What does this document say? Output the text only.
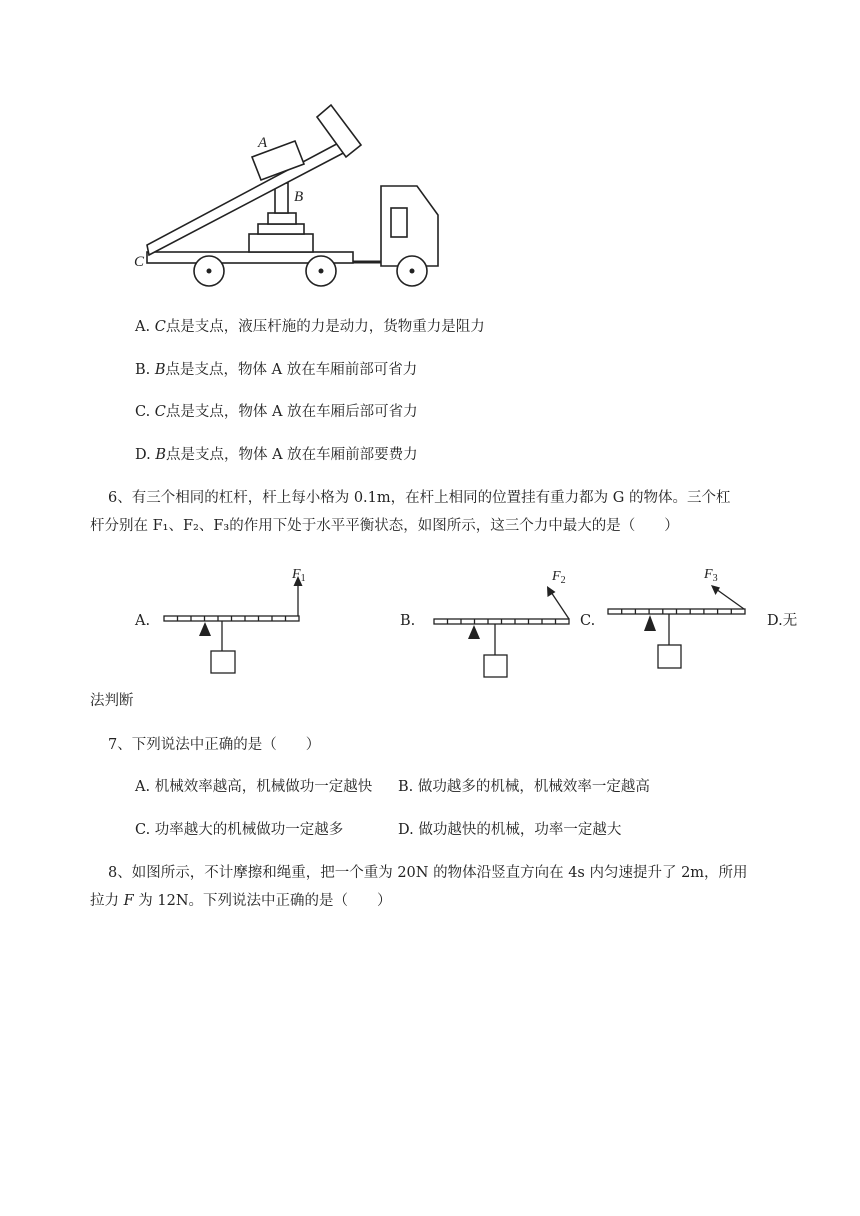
A
B
C
A. C点是支点，液压杆施的力是动力，货物重力是阻力
B. B点是支点，物体 A 放在车厢前部可省力
C. C点是支点，物体 A 放在车厢后部可省力
D. B点是支点，物体 A 放在车厢前部要费力
6、有三个相同的杠杆，杆上每小格为 0.1m，在杆上相同的位置挂有重力都为 G 的物体。三个杠
杆分别在 F₁、F₂、F₃的作用下处于水平平衡状态，如图所示，这三个力中最大的是（　　）
A.
$F_1$
B.
$F_2$
C.
$F_3$
D.无
法判断
7、下列说法中正确的是（　　）
A. 机械效率越高，机械做功一定越快 B. 做功越多的机械，机械效率一定越高
C. 功率越大的机械做功一定越多	D. 做功越快的机械，功率一定越大
8、如图所示，不计摩擦和绳重，把一个重为 20N 的物体沿竖直方向在 4s 内匀速提升了 2m，所用
拉力 F 为 12N。下列说法中正确的是（　　）
